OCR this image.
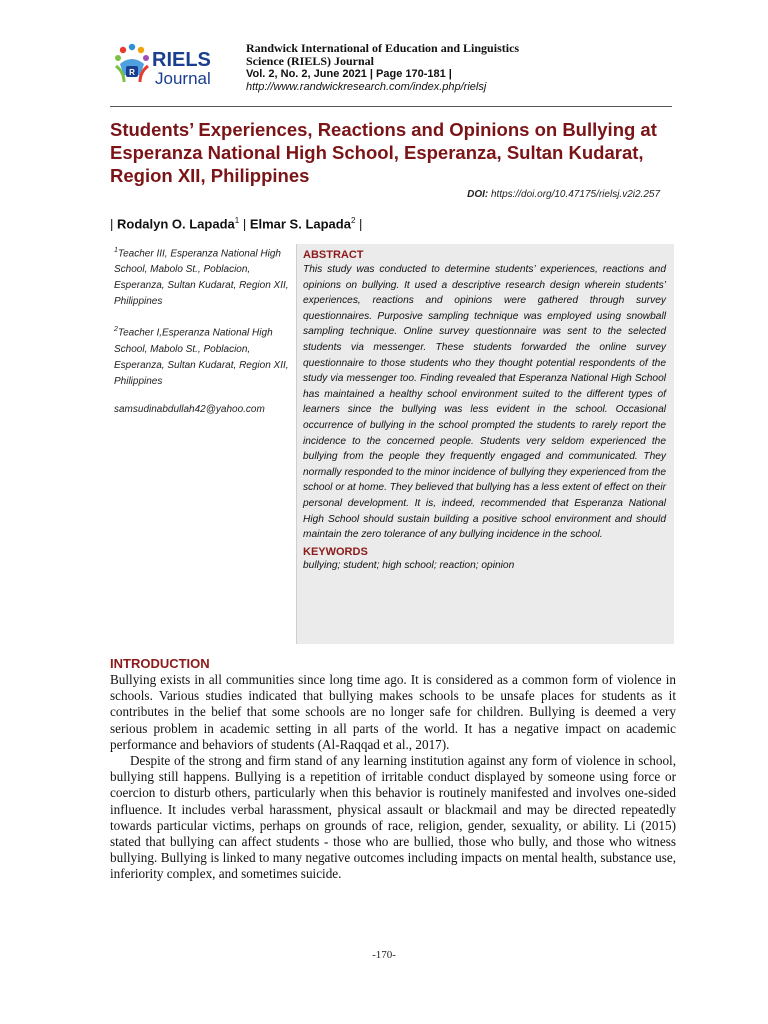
R
RIELS
Journal
Randwick International of Education and Linguistics
Science (RIELS) Journal
Vol. 2, No. 2, June 2021 | Page 170-181 |
http://www.randwickresearch.com/index.php/rielsj
Students’ Experiences, Reactions and Opinions on Bullying at Esperanza National High School, Esperanza, Sultan Kudarat, Region XII, Philippines
DOI: https://doi.org/10.47175/rielsj.v2i2.257
| Rodalyn O. Lapada$^1$ | Elmar S. Lapada$^2$ |

$^1$Teacher III, Esperanza National High School, Mabolo St., Poblacion, Esperanza, Sultan Kudarat, Region XII, Philippines

$^2$Teacher I,Esperanza National High School, Mabolo St., Poblacion, Esperanza, Sultan Kudarat, Region XII, Philippines

samsudinabdullah42@yahoo.com

ABSTRACT

This study was conducted to determine students’ experiences, reactions and opinions on bullying. It used a descriptive research design wherein students’ experiences, reactions and opinions were gathered through survey questionnaires. Purposive sampling technique was employed using snowball sampling technique. Online survey questionnaire was sent to the selected students via messenger. These students forwarded the online survey questionnaire to those students who they thought potential respondents of the study via messenger too. Finding revealed that Esperanza National High School has maintained a healthy school environment suited to the different types of learners since the bullying was less evident in the school. Occasional occurrence of bullying in the school prompted the students to rarely report the incidence to the concerned people. Students very seldom experienced the bullying from the people they frequently engaged and communicated. They normally responded to the minor incidence of bullying they experienced from the school or at home. They believed that bullying has a less extent of effect on their personal development. It is, indeed, recommended that Esperanza National High School should sustain building a positive school environment and should maintain the zero tolerance of any bullying incidence in the school.

KEYWORDS

bullying; student; high school; reaction; opinion

INTRODUCTION

Bullying exists in all communities since long time ago. It is considered as a common form of violence in schools. Various studies indicated that bullying makes schools to be unsafe places for students as it contributes in the belief that some schools are no longer safe for children. Bullying is deemed a very serious problem in academic setting in all parts of the world. It has a negative impact on academic performance and behaviors of students (Al-Raqqad et al., 2017).

Despite of the strong and firm stand of any learning institution against any form of violence in school, bullying still happens. Bullying is a repetition of irritable conduct displayed by someone using force or coercion to disturb others, particularly when this behavior is routinely manifested and involves one-sided influence. It includes verbal harassment, physical assault or blackmail and may be directed repeatedly towards particular victims, perhaps on grounds of race, religion, gender, sexuality, or ability. Li (2015) stated that bullying can affect students - those who are bullied, those who bully, and those who witness bullying. Bullying is linked to many negative outcomes including impacts on mental health, substance use, inferiority complex, and sometimes suicide.

-170-
